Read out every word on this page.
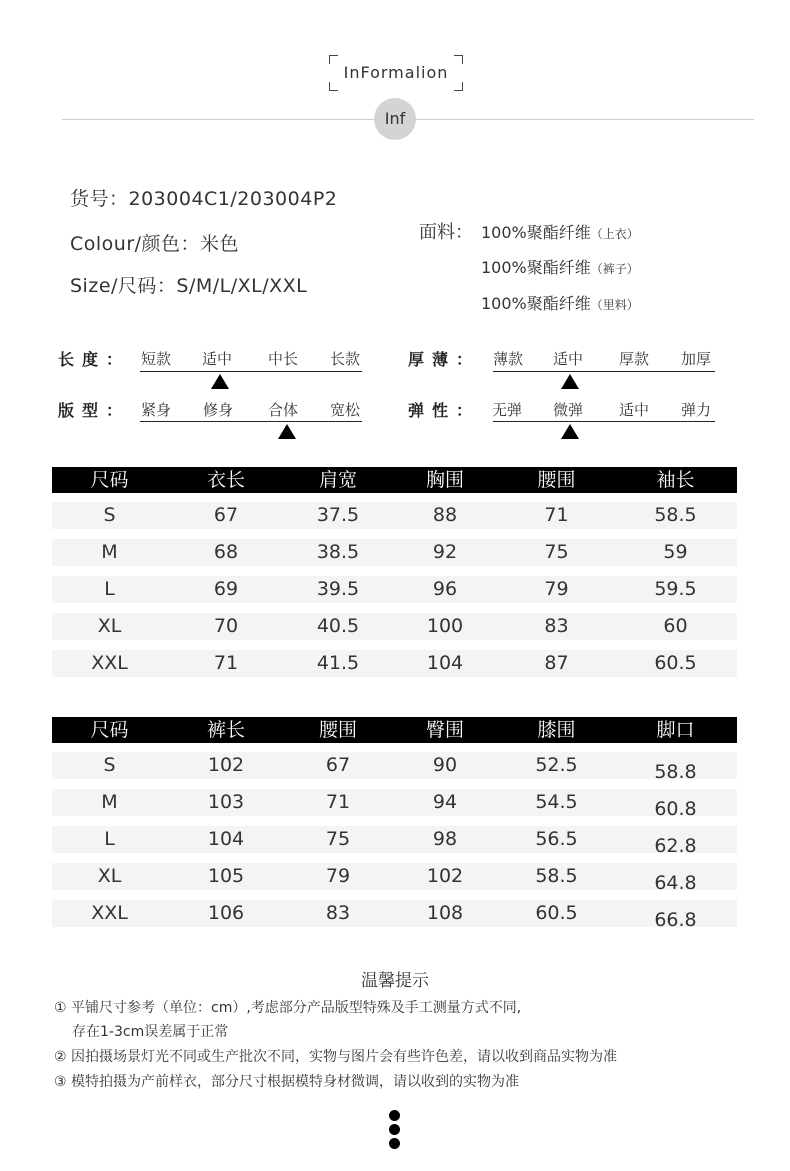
InFormalion
Inf
货号：203004C1/203004P2
Colour/颜色：米色
Size/尺码：S/M/L/XL/XXL
面料： 100%聚酯纤维（上衣）
100%聚酯纤维（裤子）
100%聚酯纤维（里料）
长度： 短款 适中 中长 长款
版型： 紧身 修身 合体 宽松
厚薄： 薄款 适中 厚款 加厚
弹性： 无弹 微弹 适中 弹力
尺码	衣长	肩宽	胸围	腰围	袖长
S	67	37.5	88	71	58.5
M	68	38.5	92	75	59
L	69	39.5	96	79	59.5
XL	70	40.5	100	83	60
XXL	71	41.5	104	87	60.5
尺码	裤长	腰围	臀围	膝围	脚口
S	102	67	90	52.5	58.8
M	103	71	94	54.5	60.8
L	104	75	98	56.5	62.8
XL	105	79	102	58.5	64.8
XXL	106	83	108	60.5	66.8
温馨提示
① 平铺尺寸参考（单位：cm）,考虑部分产品版型特殊及手工测量方式不同,
存在1-3cm误差属于正常
② 因拍摄场景灯光不同或生产批次不同，实物与图片会有些许色差，请以收到商品实物为准
③ 模特拍摄为产前样衣，部分尺寸根据模特身材微调，请以收到的实物为准
